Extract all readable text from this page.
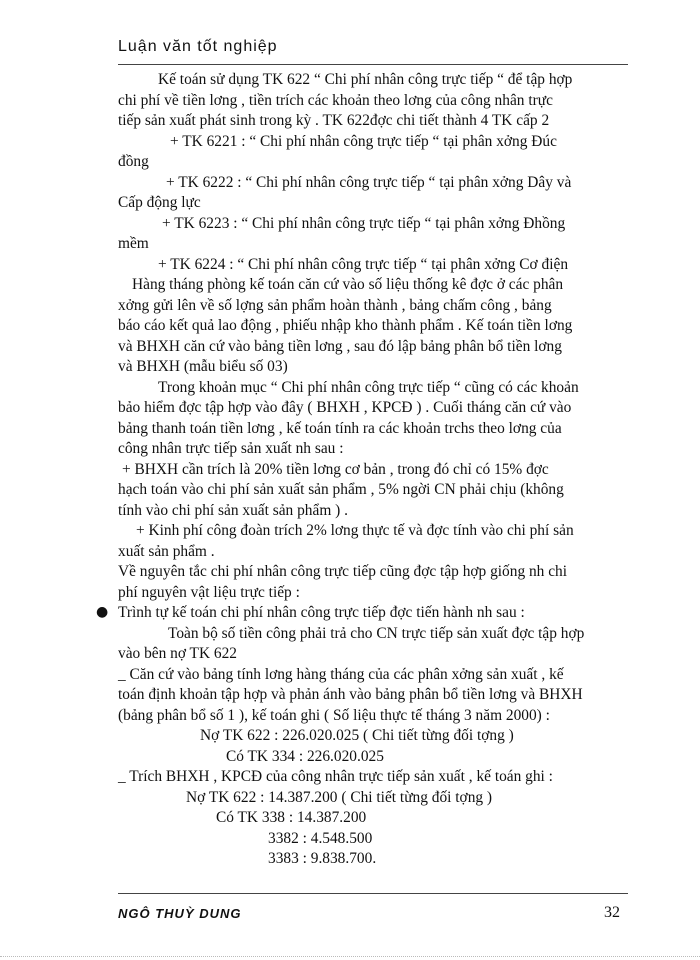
Luận văn tốt nghiệp
Kế toán sử dụng TK 622 “ Chi phí nhân công trực tiếp “ để tập hợp
chi phí về tiền lơng , tiền trích các khoản theo lơng của công nhân trực
tiếp sản xuất phát sinh trong kỳ . TK 622đợc chi tiết thành 4 TK cấp 2
+ TK 6221 : “ Chi phí nhân công trực tiếp “ tại phân xởng Đúc
đồng
+ TK 6222 : “ Chi phí nhân công trực tiếp “ tại phân xởng Dây và
Cấp động lực
+ TK 6223 : “ Chi phí nhân công trực tiếp “ tại phân xởng Đhồng
mềm
+ TK 6224 : “ Chi phí nhân công trực tiếp “ tại phân xởng Cơ điện
Hàng tháng phòng kế toán căn cứ vào số liệu thống kê đợc ở các phân
xởng gửi lên về số lợng sản phẩm hoàn thành , bảng chấm công , bảng
báo cáo kết quả lao động , phiếu nhập kho thành phẩm . Kế toán tiền lơng
và BHXH căn cứ vào bảng tiền lơng , sau đó lập bảng phân bổ tiền lơng
và BHXH (mẫu biểu số 03)
Trong khoản mục “ Chi phí nhân công trực tiếp “ cũng có các khoản
bảo hiểm đợc tập hợp vào đây ( BHXH , KPCĐ ) . Cuối tháng căn cứ vào
bảng thanh toán tiền lơng , kế toán tính ra các khoản trchs theo lơng của
công nhân trực tiếp sản xuất nh sau :
+ BHXH cần trích là 20% tiền lơng cơ bản , trong đó chỉ có 15% đợc
hạch toán vào chi phí sản xuất sản phẩm , 5% ngời CN phải chịu (không
tính vào chi phí sản xuất sản phẩm ) .
+ Kinh phí công đoàn trích 2% lơng thực tế và đợc tính vào chi phí sản
xuất sản phẩm .
Về nguyên tắc chi phí nhân công trực tiếp cũng đợc tập hợp giống nh chi
phí nguyên vật liệu trực tiếp :
● Trình tự kế toán chi phí nhân công trực tiếp đợc tiến hành nh sau :
Toàn bộ số tiền công phải trả cho CN trực tiếp sản xuất đợc tập hợp
vào bên nợ TK 622
_ Căn cứ vào bảng tính lơng hàng tháng của các phân xởng sản xuất , kế
toán định khoản tập hợp và phản ánh vào bảng phân bổ tiền lơng và BHXH
(bảng phân bổ số 1 ), kế toán ghi ( Số liệu thực tế tháng 3 năm 2000) :
Nợ TK 622 : 226.020.025 ( Chi tiết từng đối tợng )
Có TK 334 : 226.020.025
_ Trích BHXH , KPCĐ của công nhân trực tiếp sản xuất , kế toán ghi :
Nợ TK 622 : 14.387.200 ( Chi tiết từng đối tợng )
Có TK 338 : 14.387.200
3382 : 4.548.500
3383 : 9.838.700.
NGÔ THUỲ DUNG	32
